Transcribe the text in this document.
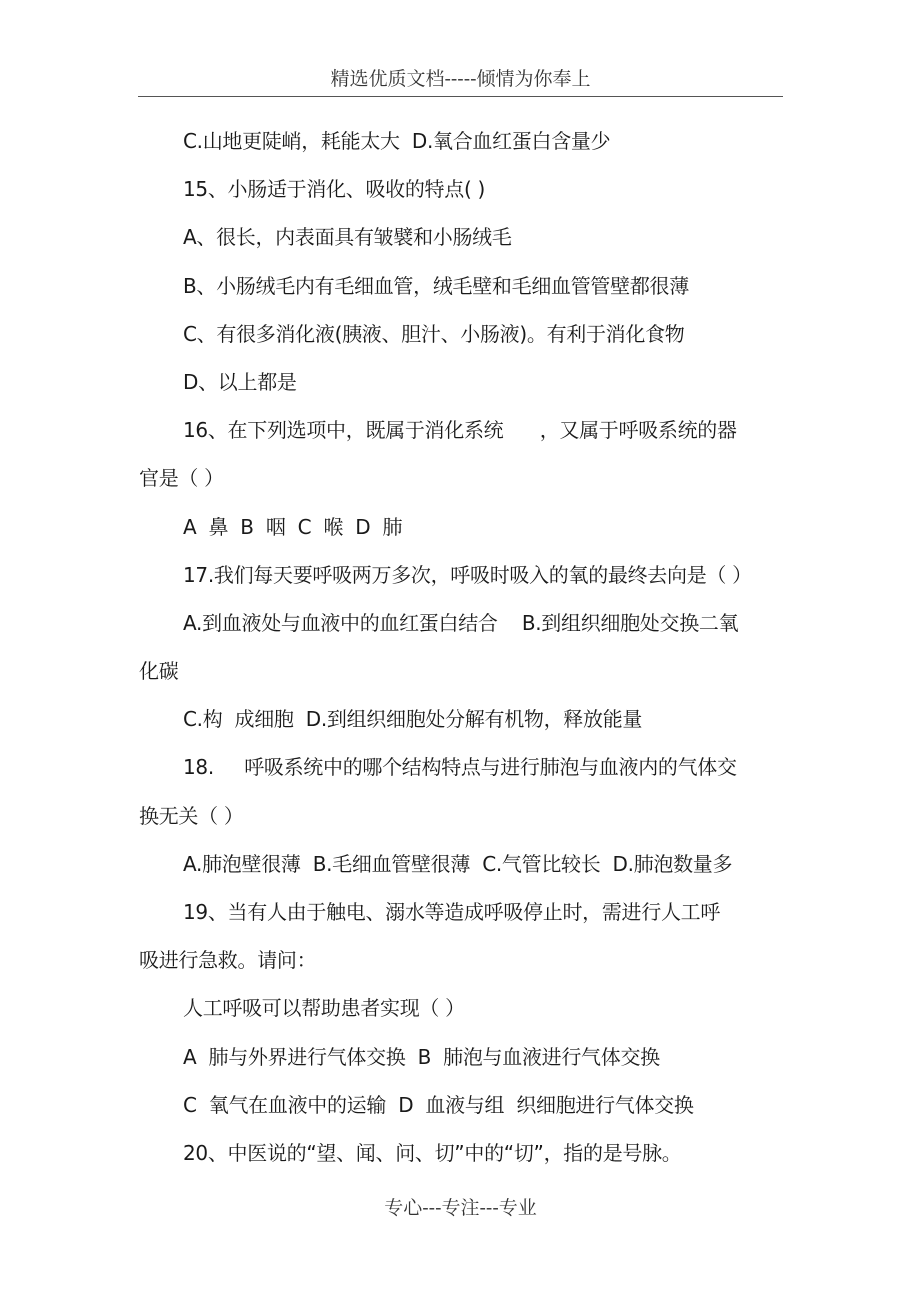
精选优质文档-----倾情为你奉上
C.山地更陡峭，耗能太大  D.氧合血红蛋白含量少
15、小肠适于消化、吸收的特点( )
A、很长，内表面具有皱襞和小肠绒毛
B、小肠绒毛内有毛细血管，绒毛壁和毛细血管管壁都很薄
C、有很多消化液(胰液、胆汁、小肠液)。有利于消化食物
D、以上都是
16、在下列选项中，既属于消化系统      ，又属于呼吸系统的器
官是（ ）
A  鼻  B  咽  C  喉  D  肺
17.我们每天要呼吸两万多次，呼吸时吸入的氧的最终去向是（ ）
A.到血液处与血液中的血红蛋白结合    B.到组织细胞处交换二氧
化碳
C.构  成细胞  D.到组织细胞处分解有机物，释放能量
18.     呼吸系统中的哪个结构特点与进行肺泡与血液内的气体交
换无关（ ）
A.肺泡壁很薄  B.毛细血管壁很薄  C.气管比较长  D.肺泡数量多
19、当有人由于触电、溺水等造成呼吸停止时，需进行人工呼
吸进行急救。请问：
人工呼吸可以帮助患者实现（ ）
A  肺与外界进行气体交换  B  肺泡与血液进行气体交换
C  氧气在血液中的运输  D  血液与组  织细胞进行气体交换
20、中医说的“望、闻、问、切”中的“切”，指的是号脉。
专心---专注---专业
